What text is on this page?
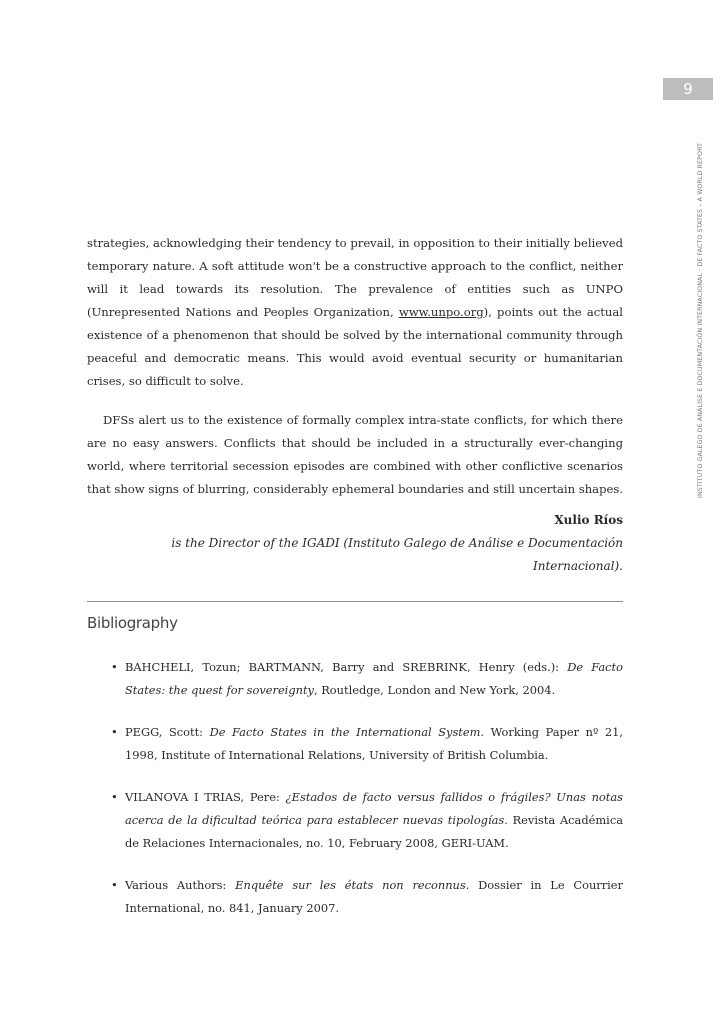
9
INSTITUTO GALEGO DE ANÁLISE E DOCUMENTACIÓN INTERNACIONAL · DE FACTO STATES – A WORLD REPORT

strategies, acknowledging their tendency to prevail, in opposition to their initially believed temporary nature. A soft attitude won't be a constructive approach to the conflict, neither will it lead towards its resolution. The prevalence of entities such as UNPO (Unrepresented Nations and Peoples Organization, www.unpo.org), points out the actual existence of a phenomenon that should be solved by the international community through peaceful and democratic means. This would avoid eventual security or humanitarian crises, so difficult to solve.

DFSs alert us to the existence of formally complex intra-state conflicts, for which there are no easy answers. Conflicts that should be included in a structurally ever-changing world, where territorial secession episodes are combined with other conflictive scenarios that show signs of blurring, considerably ephemeral boundaries and still uncertain shapes.

Xulio Ríos
is the Director of the IGADI (Instituto Galego de Análise e Documentación Internacional).
Bibliography
• BAHCHELI, Tozun; BARTMANN, Barry and SREBRINK, Henry (eds.): De Facto States: the quest for sovereignty, Routledge, London and New York, 2004.
• PEGG, Scott: De Facto States in the International System. Working Paper nº 21, 1998, Institute of International Relations, University of British Columbia.
• VILANOVA I TRIAS, Pere: ¿Estados de facto versus fallidos o frágiles? Unas notas acerca de la dificultad teórica para establecer nuevas tipologías. Revista Académica de Relaciones Internacionales, no. 10, February 2008, GERI-UAM.
• Various Authors: Enquête sur les états non reconnus. Dossier in Le Courrier International, no. 841, January 2007.
